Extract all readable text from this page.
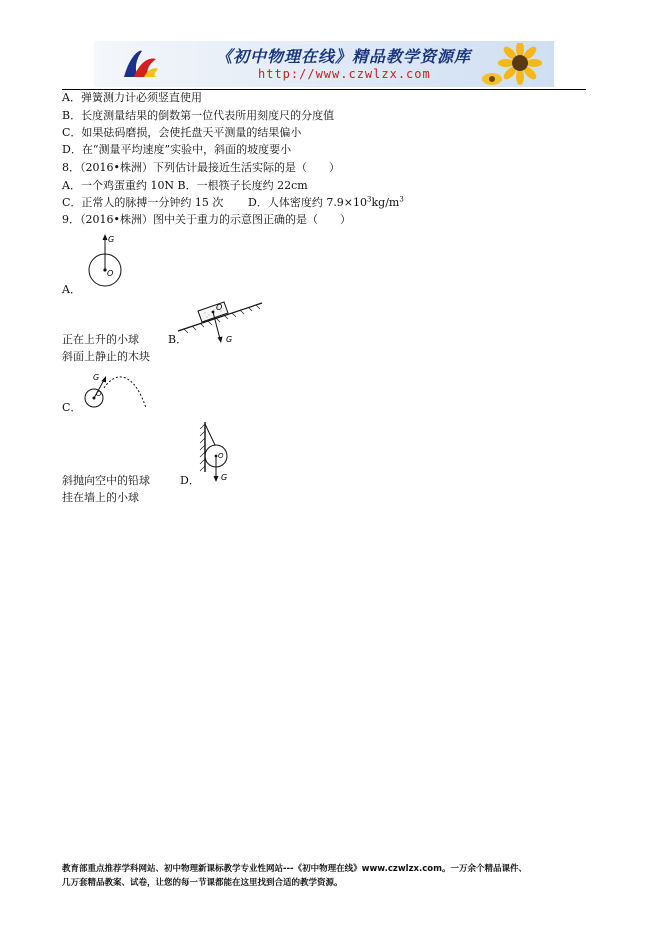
《初中物理在线》精品教学资源库
http://www.czwlzx.com
A．弹簧测力计必须竖直使用
B．长度测量结果的倒数第一位代表所用刻度尺的分度值
C．如果砝码磨损，会使托盘天平测量的结果偏小
D．在“测量平均速度”实验中，斜面的坡度要小
8．（2016•株洲）下列估计最接近生活实际的是（　　）
A．一个鸡蛋重约 10N B．一根筷子长度约 22cm
C．正常人的脉搏一分钟约 15 次 D．人体密度约 $7.9\times 10^3kg/m^3$
9．（2016•株洲）图中关于重力的示意图正确的是（　　）
G
O
A．
O
G
正在上升的小球	B．
斜面上静止的木块
G
O
C．
O
G
斜抛向空中的铅球	D．
挂在墙上的小球
教育部重点推荐学科网站、初中物理新课标教学专业性网站---《初中物理在线》www.czwlzx.com。一万余个精品课件、
几万套精品教案、试卷，让您的每一节课都能在这里找到合适的教学资源。
